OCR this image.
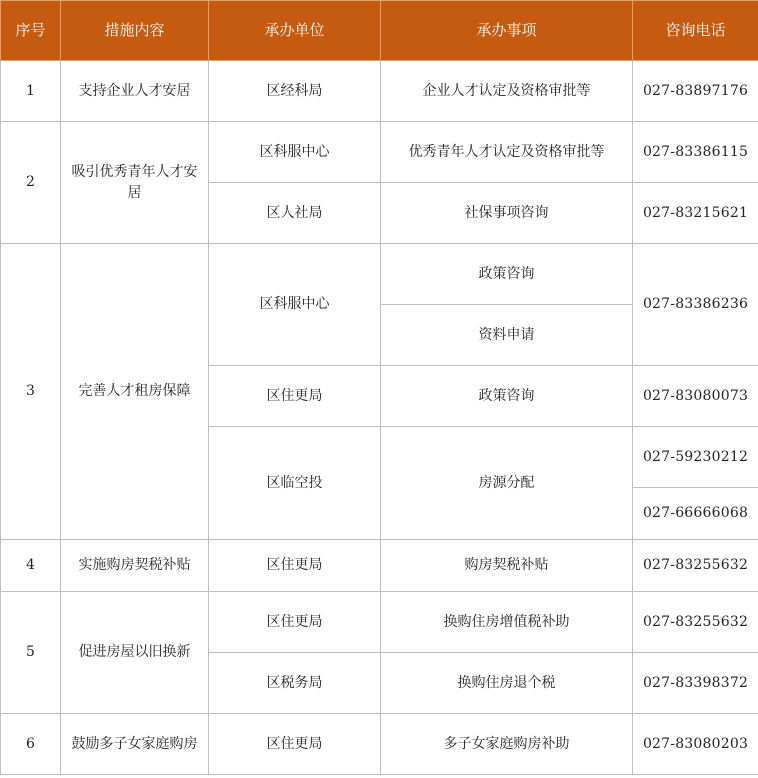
序号	措施内容	承办单位	承办事项	咨询电话
1	支持企业人才安居	区经科局	企业人才认定及资格审批等	027-83897176
2	吸引优秀青年人才安居	区科服中心	优秀青年人才认定及资格审批等	027-83386115
		区人社局	社保事项咨询	027-83215621
3	完善人才租房保障	区科服中心	政策咨询	027-83386236
			资料申请	
		区住更局	政策咨询	027-83080073
		区临空投	房源分配	027-59230212
				027-66666068
4	实施购房契税补贴	区住更局	购房契税补贴	027-83255632
5	促进房屋以旧换新	区住更局	换购住房增值税补助	027-83255632
		区税务局	换购住房退个税	027-83398372
6	鼓励多子女家庭购房	区住更局	多子女家庭购房补助	027-83080203
